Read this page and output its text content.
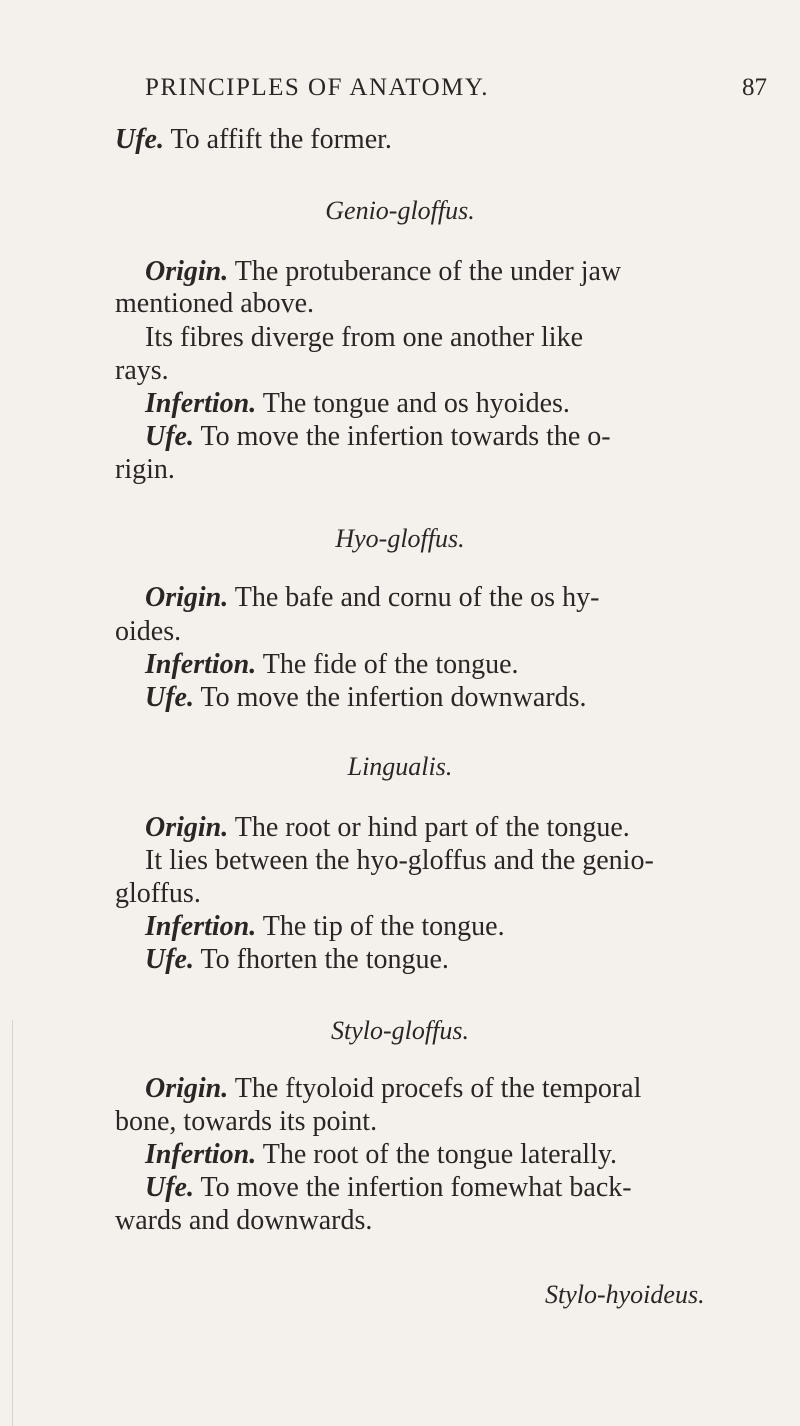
PRINCIPLES OF ANATOMY.	87
Ufe. To affift the former.
Genio-gloffus.
Origin. The protuberance of the under jaw
mentioned above.
Its fibres diverge from one another like
rays.
Infertion. The tongue and os hyoides.
Ufe. To move the infertion towards the o-
rigin.
Hyo-gloffus.
Origin. The bafe and cornu of the os hy-
oides.
Infertion. The fide of the tongue.
Ufe. To move the infertion downwards.
Lingualis.
Origin. The root or hind part of the tongue.
It lies between the hyo-gloffus and the genio-
gloffus.
Infertion. The tip of the tongue.
Ufe. To fhorten the tongue.
Stylo-gloffus.
Origin. The ftyoloid procefs of the temporal
bone, towards its point.
Infertion. The root of the tongue laterally.
Ufe. To move the infertion fomewhat back-
wards and downwards.
Stylo-hyoideus.
